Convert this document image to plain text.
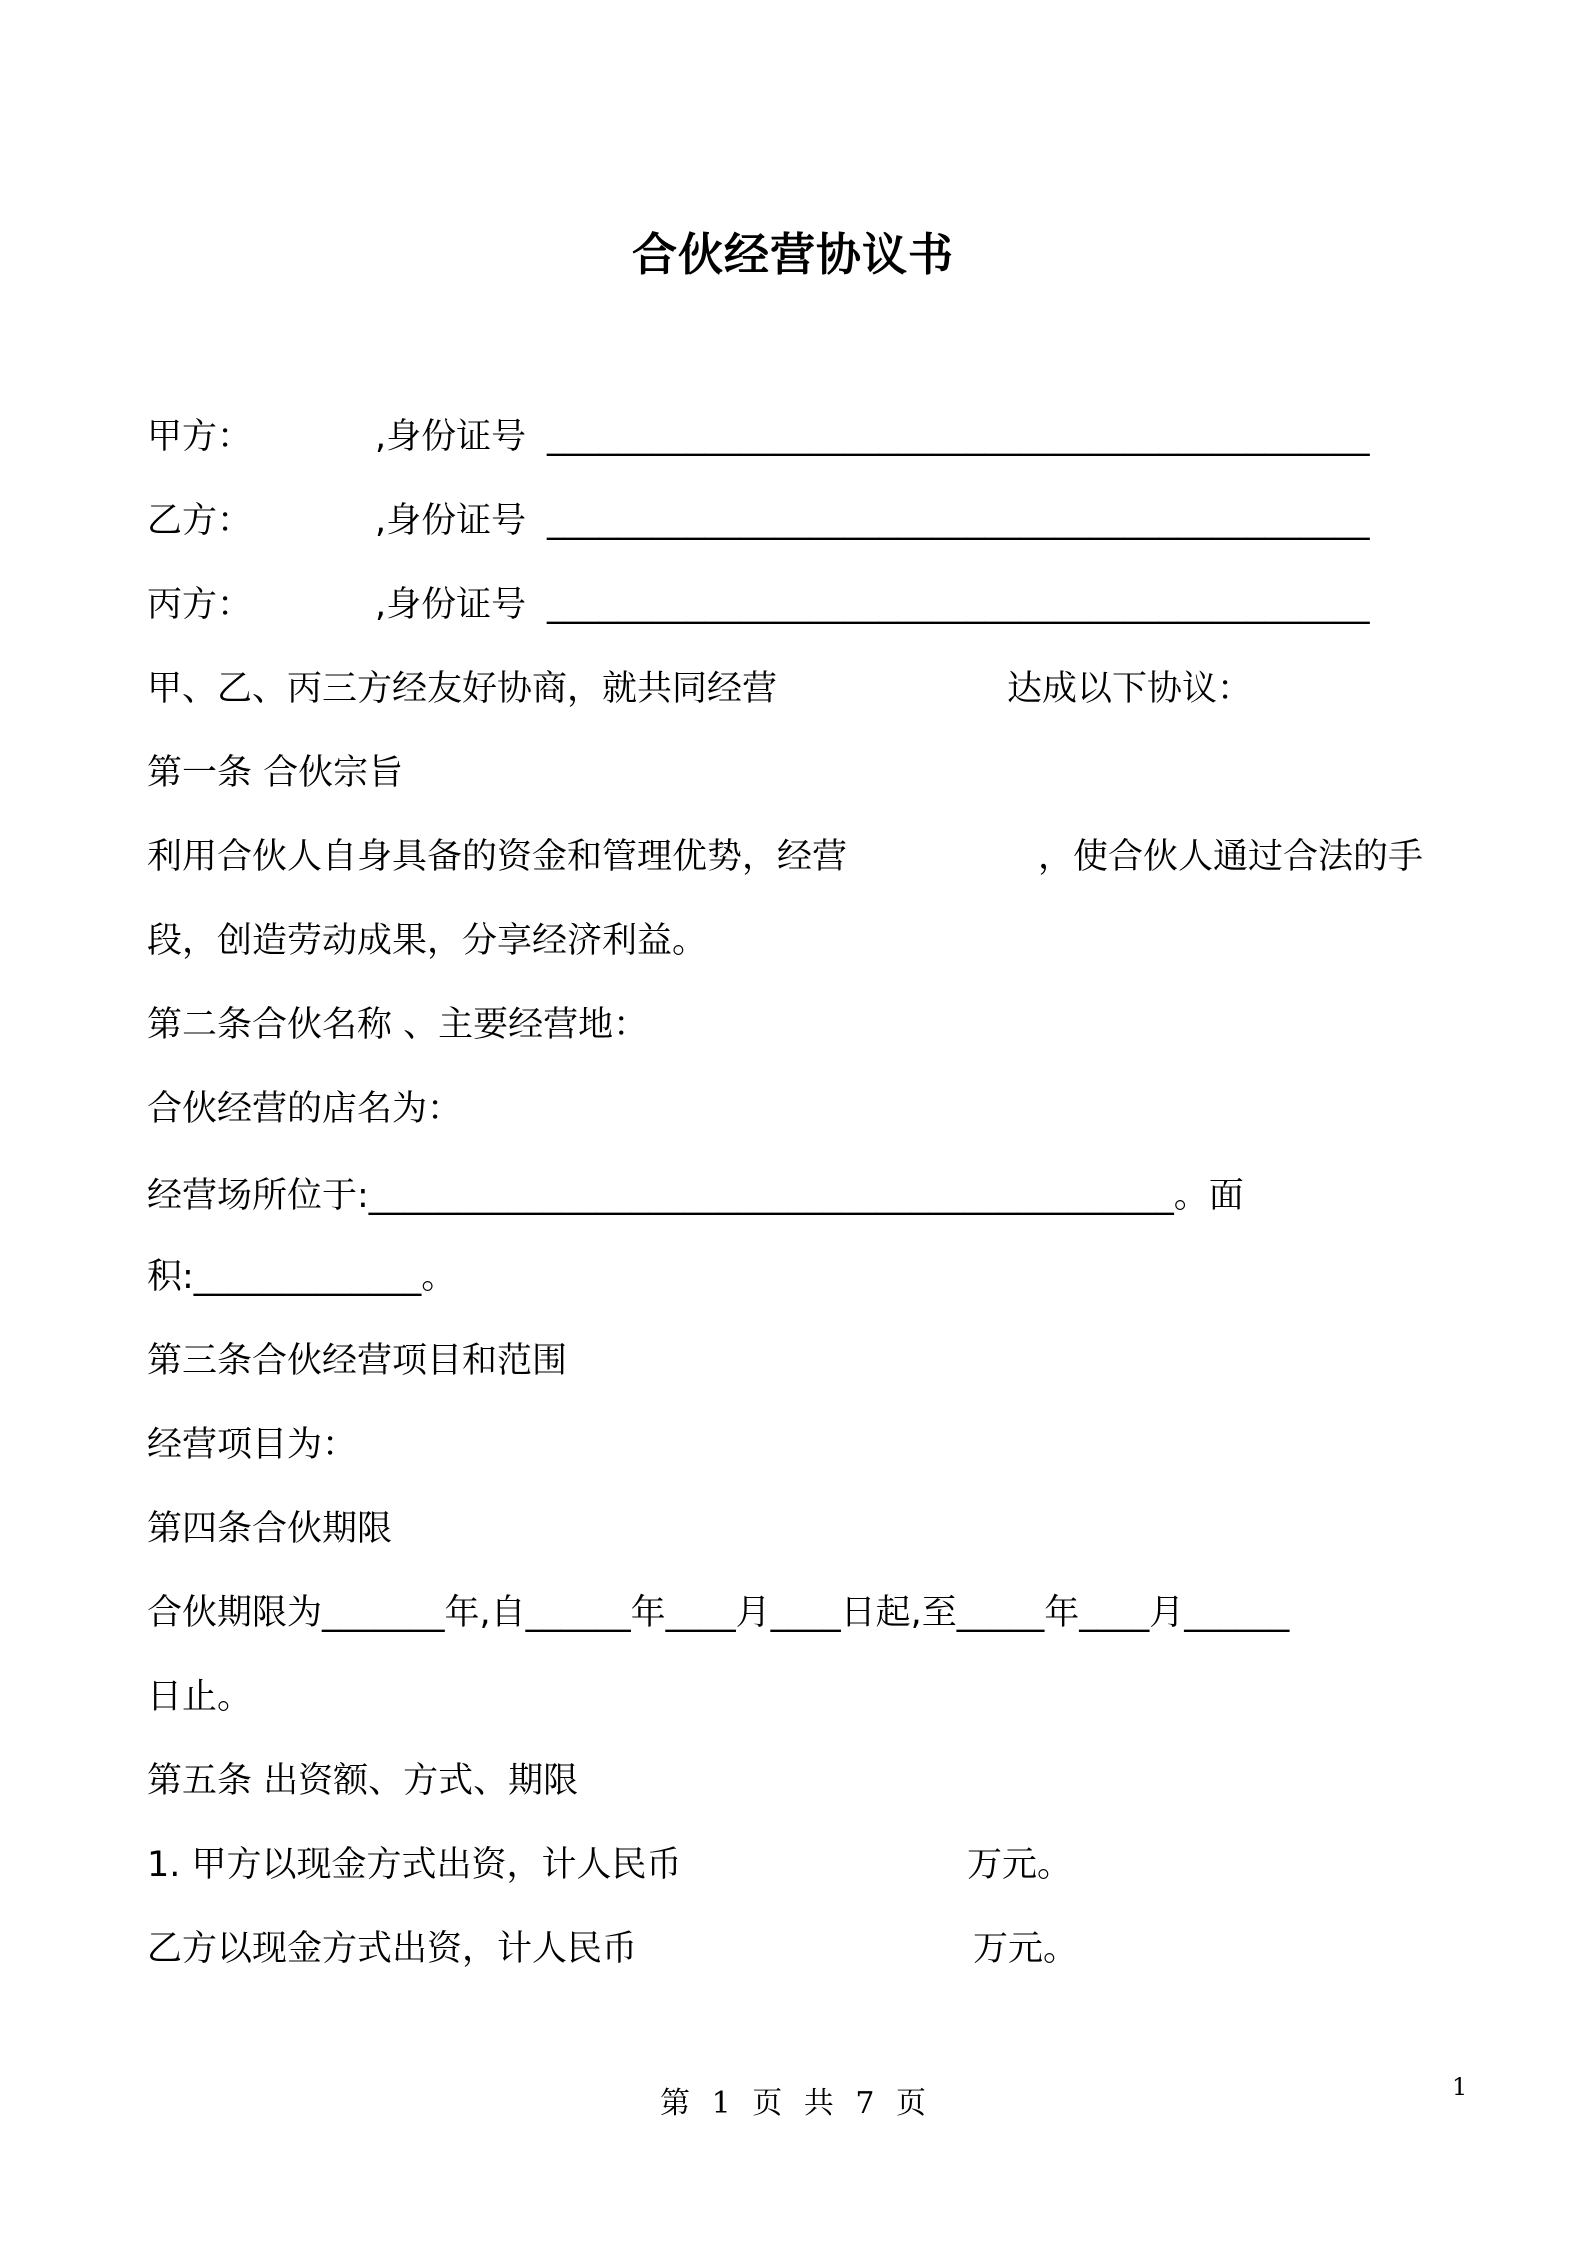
合伙经营协议书
甲方：	,身份证号 _______________________________________________
乙方：	,身份证号 _______________________________________________
丙方：	,身份证号 _______________________________________________
甲、乙、丙三方经友好协商，就共同经营	达成以下协议：
第一条 合伙宗旨
利用合伙人自身具备的资金和管理优势，经营	，使合伙人通过合法的手
段，创造劳动成果，分享经济利益。
第二条合伙名称 、主要经营地：
合伙经营的店名为：
经营场所位于:______________________________________________。面
积:_____________。
第三条合伙经营项目和范围
经营项目为：
第四条合伙期限
合伙期限为_______年,自______年____月____日起,至_____年____月______
日止。
第五条 出资额、方式、期限
1. 甲方以现金方式出资，计人民币	万元。
乙方以现金方式出资，计人民币	万元。
第 1 页 共 7 页	1
